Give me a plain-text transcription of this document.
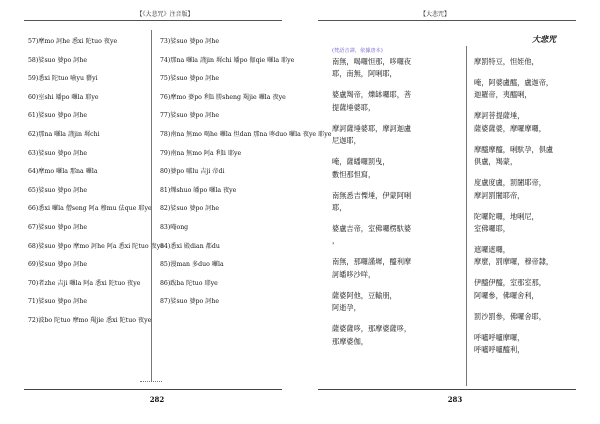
【《大悲咒》注音版】
57)摩mo 訶he 悉xi 陀tuo 夜ye
58)娑suo 婆po 訶he
59)悉xi 陀tuo 喻yu 藝yi
60)室shi 皤po 囉la 耶ye
61)娑suo 婆po 訶he
62)那na 囉la 謹jin 墀chi
63)娑suo 婆po 訶he
64)摩mo 囉la 那na 囉la
65)娑suo 婆po 訶he
66)悉xi 囉la 僧seng 阿a 穆mu 佉que 耶ye
67)娑suo 婆po 訶he
68)娑suo 婆po 摩mo 訶he 阿a 悉xi 陀tuo 夜ye
69)娑suo 婆po 訶he
70)者zhe 吉ji 囉la 阿a 悉xi 陀tuo 夜ye
71)娑suo 婆po 訶he
72)波bo 陀tuo 摩mo 羯jie 悉xi 陀tuo 夜ye
73)娑suo 婆po 訶he
74)那na 囉la 謹jin 墀chi 皤po 伽qie 囉la 耶ye
75)娑suo 婆po 訶he
76)摩mo 婆po 利li 勝sheng 羯jie 囉la 夜ye
77)娑suo 婆po 訶he
78)南na 無mo 喝he 囉la 怛dan 那na 哆duo 囉la 夜ye 耶ye
79)南na 無mo 阿a 利li 耶ye
80)婆po 嚧lu 吉ji 帝di
81)爍shuo 皤po 囉la 夜ye
82)娑suo 婆po 訶he
83)唵ong
84)悉xi 殿dian 都du
85)漫man 多duo 囉la
86)跋ba 陀tuo 耶ye
87)娑suo 婆po 訶he
282
【大悲咒】
大悲咒
(梵語音譯，依據唐本)
南無，喝囉怛那，哆囉夜
耶，南無，阿唎耶，
婆盧羯帝，爍缽囉耶，菩
提薩埵婆耶，
摩訶薩埵婆耶，摩訶迦盧
尼迦耶，
唵，薩皤囉罰曳，
數怛那怛寫，
南無悉吉慄埵，伊蒙阿唎
耶，
婆盧吉帝，室佛囉楞馱婆
，
南無，那囉謹墀，醯利摩
訶皤哆沙咩，
薩婆阿他，豆輸朋，
阿逝孕，
薩婆薩哆，那摩婆薩哆，
那摩婆伽，
摩罰特豆，怛姪他，
唵，阿婆盧醯，盧迦帝，
迦羅帝，夷醯唎，
摩訶菩提薩埵，
薩婆薩婆，摩囉摩囉，
摩醯摩醯，唎馱孕，俱盧
俱盧，羯蒙，
度盧度盧，罰闍耶帝，
摩訶罰闍耶帝，
陀囉陀囉，地唎尼，
室佛囉耶，
遮囉遮囉，
摩麼，罰摩囉，穆帝隸，
伊醯伊醯，室那室那，
阿囉參，佛囉舍利，
罰沙罰參，佛囉舍耶，
呼嚧呼嚧摩囉，
呼嚧呼嚧醯利，
283
